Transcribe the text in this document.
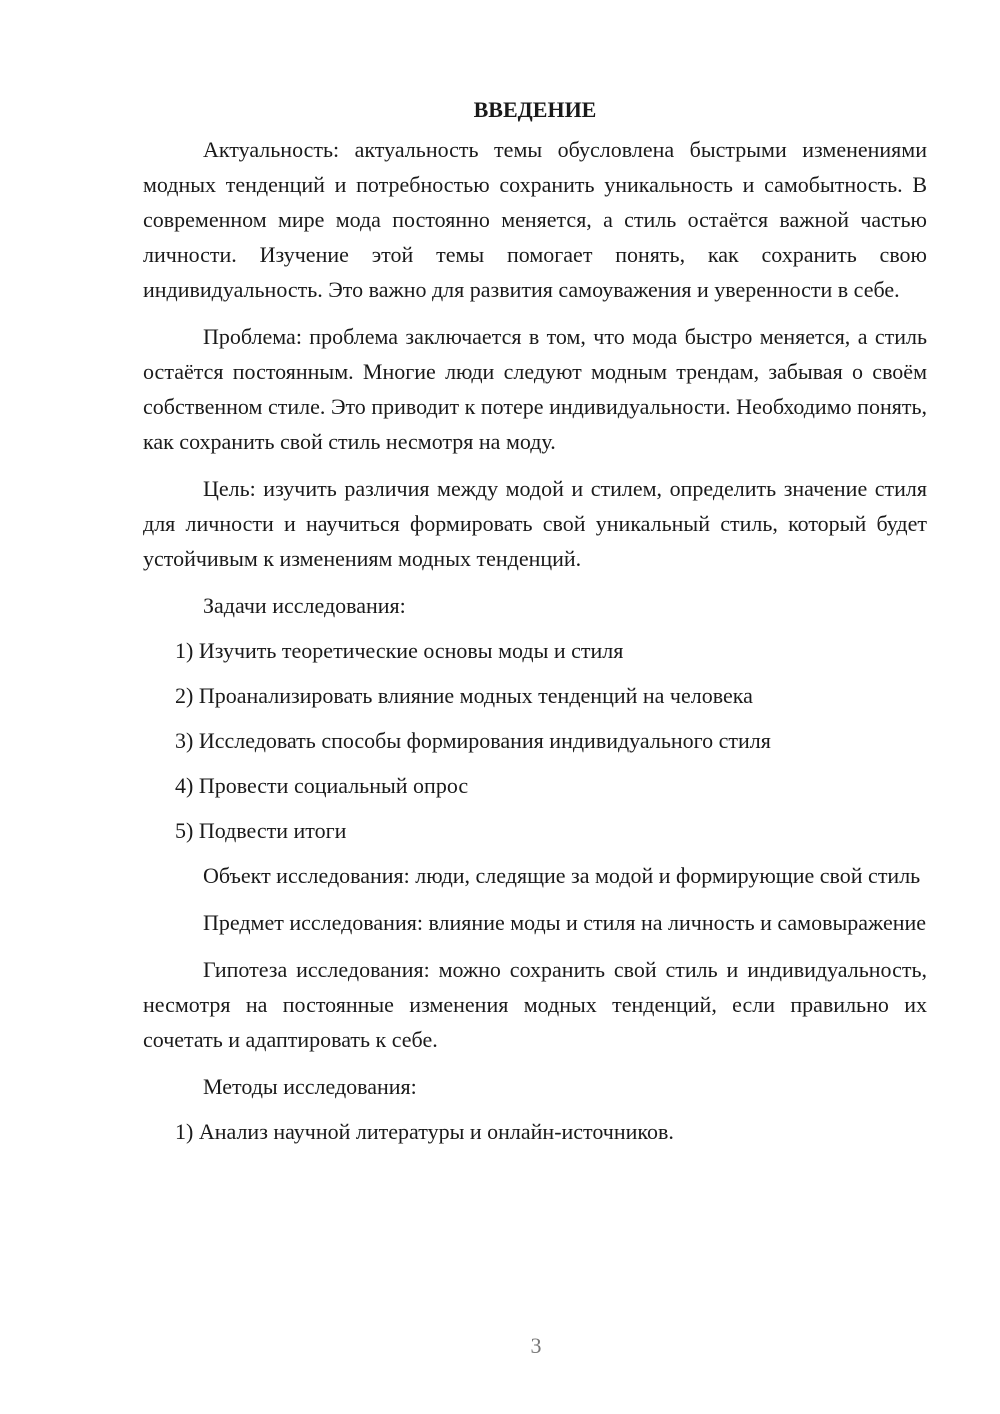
ВВЕДЕНИЕ

Актуальность: актуальность темы обусловлена быстрыми изменениями модных тенденций и потребностью сохранить уникальность и самобытность. В современном мире мода постоянно меняется, а стиль остаётся важной частью личности. Изучение этой темы помогает понять, как сохранить свою индивидуальность. Это важно для развития самоуважения и уверенности в себе.

Проблема: проблема заключается в том, что мода быстро меняется, а стиль остаётся постоянным. Многие люди следуют модным трендам, забывая о своём собственном стиле. Это приводит к потере индивидуальности. Необходимо понять, как сохранить свой стиль несмотря на моду.

Цель: изучить различия между модой и стилем, определить значение стиля для личности и научиться формировать свой уникальный стиль, который будет устойчивым к изменениям модных тенденций.

Задачи исследования:

1) Изучить теоретические основы моды и стиля
2) Проанализировать влияние модных тенденций на человека
3) Исследовать способы формирования индивидуального стиля
4) Провести социальный опрос
5) Подвести итоги

Объект исследования: люди, следящие за модой и формирующие свой стиль

Предмет исследования: влияние моды и стиля на личность и самовыражение

Гипотеза исследования: можно сохранить свой стиль и индивидуальность, несмотря на постоянные изменения модных тенденций, если правильно их сочетать и адаптировать к себе.

Методы исследования:

1) Анализ научной литературы и онлайн-источников.
3
